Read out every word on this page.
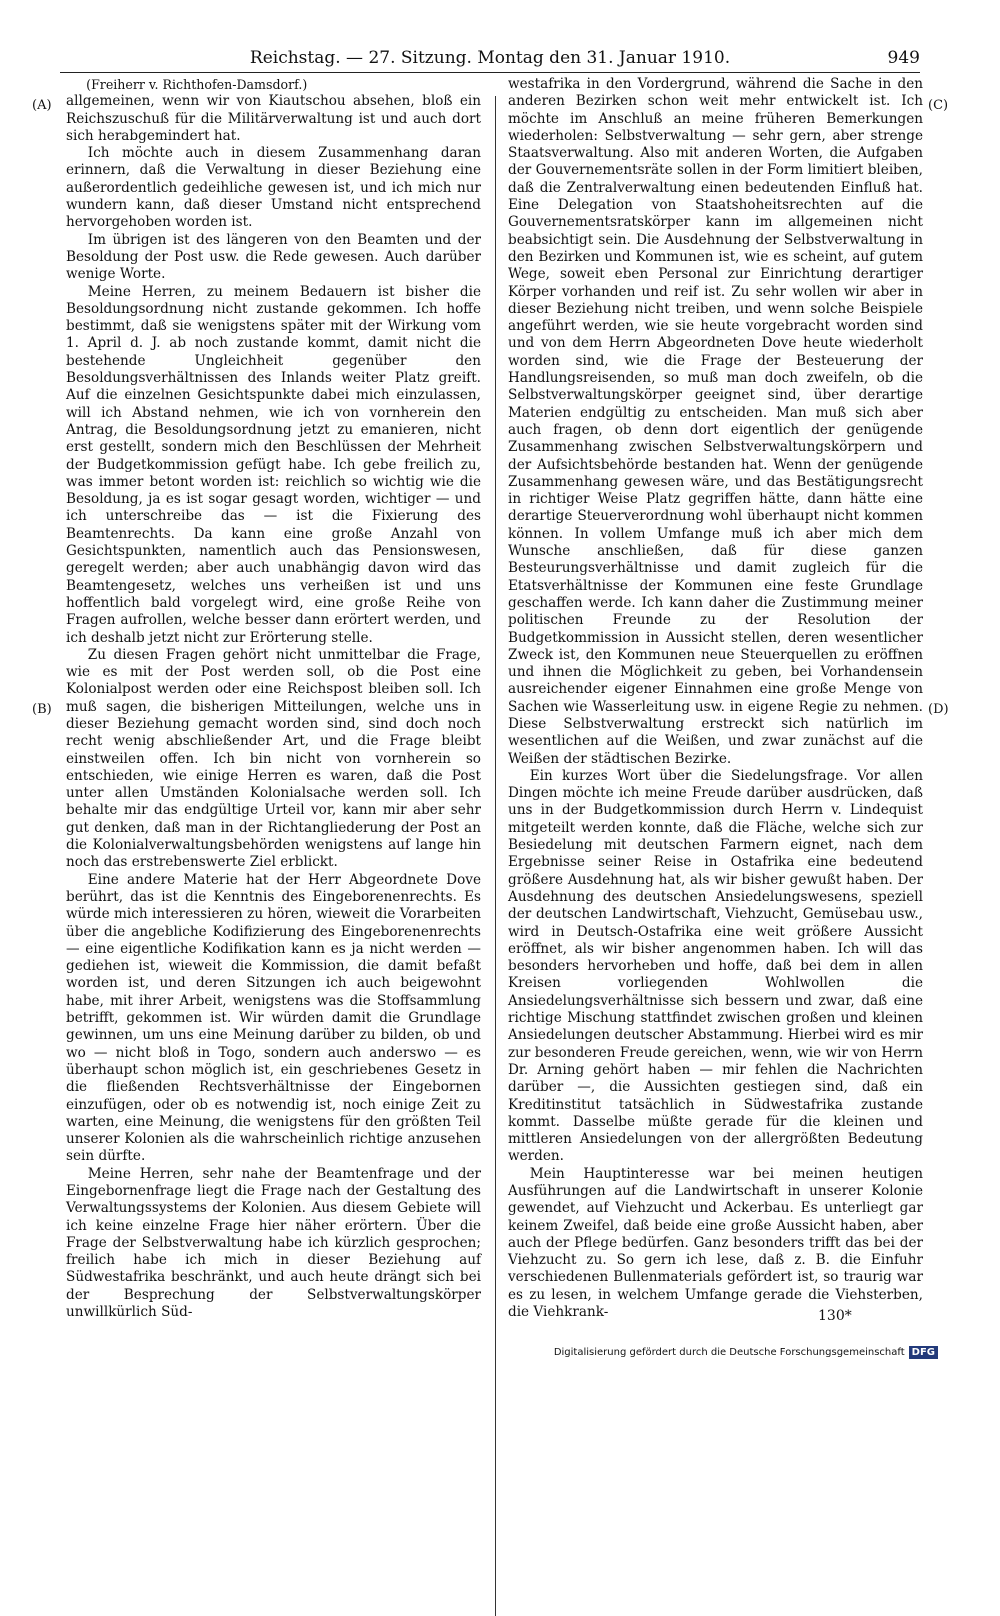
Reichstag. — 27. Sitzung. Montag den 31. Januar 1910.	949
(A)
(B)
(C)
(D)

(Freiherr v. Richthofen-Damsdorf.)

allgemeinen, wenn wir von Kiautschou absehen, bloß ein Reichszuschuß für die Militärverwaltung ist und auch dort sich herabgemindert hat.

Ich möchte auch in diesem Zusammenhang daran erinnern, daß die Verwaltung in dieser Beziehung eine außerordentlich gedeihliche gewesen ist, und ich mich nur wundern kann, daß dieser Umstand nicht entsprechend hervorgehoben worden ist.

Im übrigen ist des längeren von den Beamten und der Besoldung der Post usw. die Rede gewesen. Auch darüber wenige Worte.

Meine Herren, zu meinem Bedauern ist bisher die Besoldungsordnung nicht zustande gekommen. Ich hoffe bestimmt, daß sie wenigstens später mit der Wirkung vom 1. April d. J. ab noch zustande kommt, damit nicht die bestehende Ungleichheit gegenüber den Besoldungsverhältnissen des Inlands weiter Platz greift. Auf die einzelnen Gesichtspunkte dabei mich einzulassen, will ich Abstand nehmen, wie ich von vornherein den Antrag, die Besoldungsordnung jetzt zu emanieren, nicht erst gestellt, sondern mich den Beschlüssen der Mehrheit der Budgetkommission gefügt habe. Ich gebe freilich zu, was immer betont worden ist: reichlich so wichtig wie die Besoldung, ja es ist sogar gesagt worden, wichtiger — und ich unterschreibe das — ist die Fixierung des Beamtenrechts. Da kann eine große Anzahl von Gesichtspunkten, namentlich auch das Pensionswesen, geregelt werden; aber auch unabhängig davon wird das Beamtengesetz, welches uns verheißen ist und uns hoffentlich bald vorgelegt wird, eine große Reihe von Fragen aufrollen, welche besser dann erörtert werden, und ich deshalb jetzt nicht zur Erörterung stelle.

Zu diesen Fragen gehört nicht unmittelbar die Frage, wie es mit der Post werden soll, ob die Post eine Kolonialpost werden oder eine Reichspost bleiben soll. Ich muß sagen, die bisherigen Mitteilungen, welche uns in dieser Beziehung gemacht worden sind, sind doch noch recht wenig abschließender Art, und die Frage bleibt einstweilen offen. Ich bin nicht von vornherein so entschieden, wie einige Herren es waren, daß die Post unter allen Umständen Kolonialsache werden soll. Ich behalte mir das endgültige Urteil vor, kann mir aber sehr gut denken, daß man in der Richtangliederung der Post an die Kolonialverwaltungsbehörden wenigstens auf lange hin noch das erstrebenswerte Ziel erblickt.

Eine andere Materie hat der Herr Abgeordnete Dove berührt, das ist die Kenntnis des Eingeborenenrechts. Es würde mich interessieren zu hören, wieweit die Vorarbeiten über die angebliche Kodifizierung des Eingeborenenrechts — eine eigentliche Kodifikation kann es ja nicht werden — gediehen ist, wieweit die Kommission, die damit befaßt worden ist, und deren Sitzungen ich auch beigewohnt habe, mit ihrer Arbeit, wenigstens was die Stoffsammlung betrifft, gekommen ist. Wir würden damit die Grundlage gewinnen, um uns eine Meinung darüber zu bilden, ob und wo — nicht bloß in Togo, sondern auch anderswo — es überhaupt schon möglich ist, ein geschriebenes Gesetz in die fließenden Rechtsverhältnisse der Eingebornen einzufügen, oder ob es notwendig ist, noch einige Zeit zu warten, eine Meinung, die wenigstens für den größten Teil unserer Kolonien als die wahrscheinlich richtige anzusehen sein dürfte.

Meine Herren, sehr nahe der Beamtenfrage und der Eingebornenfrage liegt die Frage nach der Gestaltung des Verwaltungssystems der Kolonien. Aus diesem Gebiete will ich keine einzelne Frage hier näher erörtern. Über die Frage der Selbstverwaltung habe ich kürzlich gesprochen; freilich habe ich mich in dieser Beziehung auf Südwestafrika beschränkt, und auch heute drängt sich bei der Besprechung der Selbstverwaltungskörper unwillkürlich Süd-

westafrika in den Vordergrund, während die Sache in den anderen Bezirken schon weit mehr entwickelt ist. Ich möchte im Anschluß an meine früheren Bemerkungen wiederholen: Selbstverwaltung — sehr gern, aber strenge Staatsverwaltung. Also mit anderen Worten, die Aufgaben der Gouvernementsräte sollen in der Form limitiert bleiben, daß die Zentralverwaltung einen bedeutenden Einfluß hat. Eine Delegation von Staatshoheitsrechten auf die Gouvernementsratskörper kann im allgemeinen nicht beabsichtigt sein. Die Ausdehnung der Selbstverwaltung in den Bezirken und Kommunen ist, wie es scheint, auf gutem Wege, soweit eben Personal zur Einrichtung derartiger Körper vorhanden und reif ist. Zu sehr wollen wir aber in dieser Beziehung nicht treiben, und wenn solche Beispiele angeführt werden, wie sie heute vorgebracht worden sind und von dem Herrn Abgeordneten Dove heute wiederholt worden sind, wie die Frage der Besteuerung der Handlungsreisenden, so muß man doch zweifeln, ob die Selbstverwaltungskörper geeignet sind, über derartige Materien endgültig zu entscheiden. Man muß sich aber auch fragen, ob denn dort eigentlich der genügende Zusammenhang zwischen Selbstverwaltungskörpern und der Aufsichtsbehörde bestanden hat. Wenn der genügende Zusammenhang gewesen wäre, und das Bestätigungsrecht in richtiger Weise Platz gegriffen hätte, dann hätte eine derartige Steuerverordnung wohl überhaupt nicht kommen können. In vollem Umfange muß ich aber mich dem Wunsche anschließen, daß für diese ganzen Besteurungsverhältnisse und damit zugleich für die Etatsverhältnisse der Kommunen eine feste Grundlage geschaffen werde. Ich kann daher die Zustimmung meiner politischen Freunde zu der Resolution der Budgetkommission in Aussicht stellen, deren wesentlicher Zweck ist, den Kommunen neue Steuerquellen zu eröffnen und ihnen die Möglichkeit zu geben, bei Vorhandensein ausreichender eigener Einnahmen eine große Menge von Sachen wie Wasserleitung usw. in eigene Regie zu nehmen. Diese Selbstverwaltung erstreckt sich natürlich im wesentlichen auf die Weißen, und zwar zunächst auf die Weißen der städtischen Bezirke.

Ein kurzes Wort über die Siedelungsfrage. Vor allen Dingen möchte ich meine Freude darüber ausdrücken, daß uns in der Budgetkommission durch Herrn v. Lindequist mitgeteilt werden konnte, daß die Fläche, welche sich zur Besiedelung mit deutschen Farmern eignet, nach dem Ergebnisse seiner Reise in Ostafrika eine bedeutend größere Ausdehnung hat, als wir bisher gewußt haben. Der Ausdehnung des deutschen Ansiedelungswesens, speziell der deutschen Landwirtschaft, Viehzucht, Gemüsebau usw., wird in Deutsch-Ostafrika eine weit größere Aussicht eröffnet, als wir bisher angenommen haben. Ich will das besonders hervorheben und hoffe, daß bei dem in allen Kreisen vorliegenden Wohlwollen die Ansiedelungsverhältnisse sich bessern und zwar, daß eine richtige Mischung stattfindet zwischen großen und kleinen Ansiedelungen deutscher Abstammung. Hierbei wird es mir zur besonderen Freude gereichen, wenn, wie wir von Herrn Dr. Arning gehört haben — mir fehlen die Nachrichten darüber —, die Aussichten gestiegen sind, daß ein Kreditinstitut tatsächlich in Südwestafrika zustande kommt. Dasselbe müßte gerade für die kleinen und mittleren Ansiedelungen von der allergrößten Bedeutung werden.

Mein Hauptinteresse war bei meinen heutigen Ausführungen auf die Landwirtschaft in unserer Kolonie gewendet, auf Viehzucht und Ackerbau. Es unterliegt gar keinem Zweifel, daß beide eine große Aussicht haben, aber auch der Pflege bedürfen. Ganz besonders trifft das bei der Viehzucht zu. So gern ich lese, daß z. B. die Einfuhr verschiedenen Bullenmaterials gefördert ist, so traurig war es zu lesen, in welchem Umfange gerade die Viehsterben, die Viehkrank-	130*
Digitalisierung gefördert durch die Deutsche Forschungsgemeinschaft DFG
